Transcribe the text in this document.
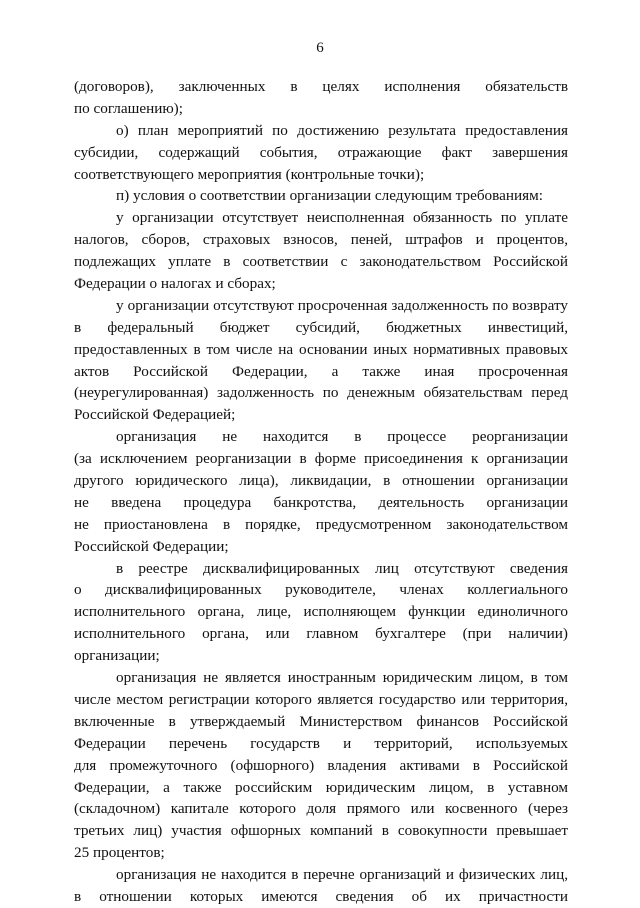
6
(договоров), заключенных в целях исполнения обязательств
по соглашению);
о) план мероприятий по достижению результата предоставления
субсидии, содержащий события, отражающие факт завершения
соответствующего мероприятия (контрольные точки);
п) условия о соответствии организации следующим требованиям:
у организации отсутствует неисполненная обязанность по уплате
налогов, сборов, страховых взносов, пеней, штрафов и процентов,
подлежащих уплате в соответствии с законодательством Российской
Федерации о налогах и сборах;
у организации отсутствуют просроченная задолженность по возврату
в федеральный бюджет субсидий, бюджетных инвестиций,
предоставленных в том числе на основании иных нормативных правовых
актов Российской Федерации, а также иная просроченная
(неурегулированная) задолженность по денежным обязательствам перед
Российской Федерацией;
организация не находится в процессе реорганизации
(за исключением реорганизации в форме присоединения к организации
другого юридического лица), ликвидации, в отношении организации
не введена процедура банкротства, деятельность организации
не приостановлена в порядке, предусмотренном законодательством
Российской Федерации;
в реестре дисквалифицированных лиц отсутствуют сведения
о дисквалифицированных руководителе, членах коллегиального
исполнительного органа, лице, исполняющем функции единоличного
исполнительного органа, или главном бухгалтере (при наличии)
организации;
организация не является иностранным юридическим лицом, в том
числе местом регистрации которого является государство или территория,
включенные в утверждаемый Министерством финансов Российской
Федерации перечень государств и территорий, используемых
для промежуточного (офшорного) владения активами в Российской
Федерации, а также российским юридическим лицом, в уставном
(складочном) капитале которого доля прямого или косвенного (через
третьих лиц) участия офшорных компаний в совокупности превышает
25 процентов;
организация не находится в перечне организаций и физических лиц,
в отношении которых имеются сведения об их причастности
